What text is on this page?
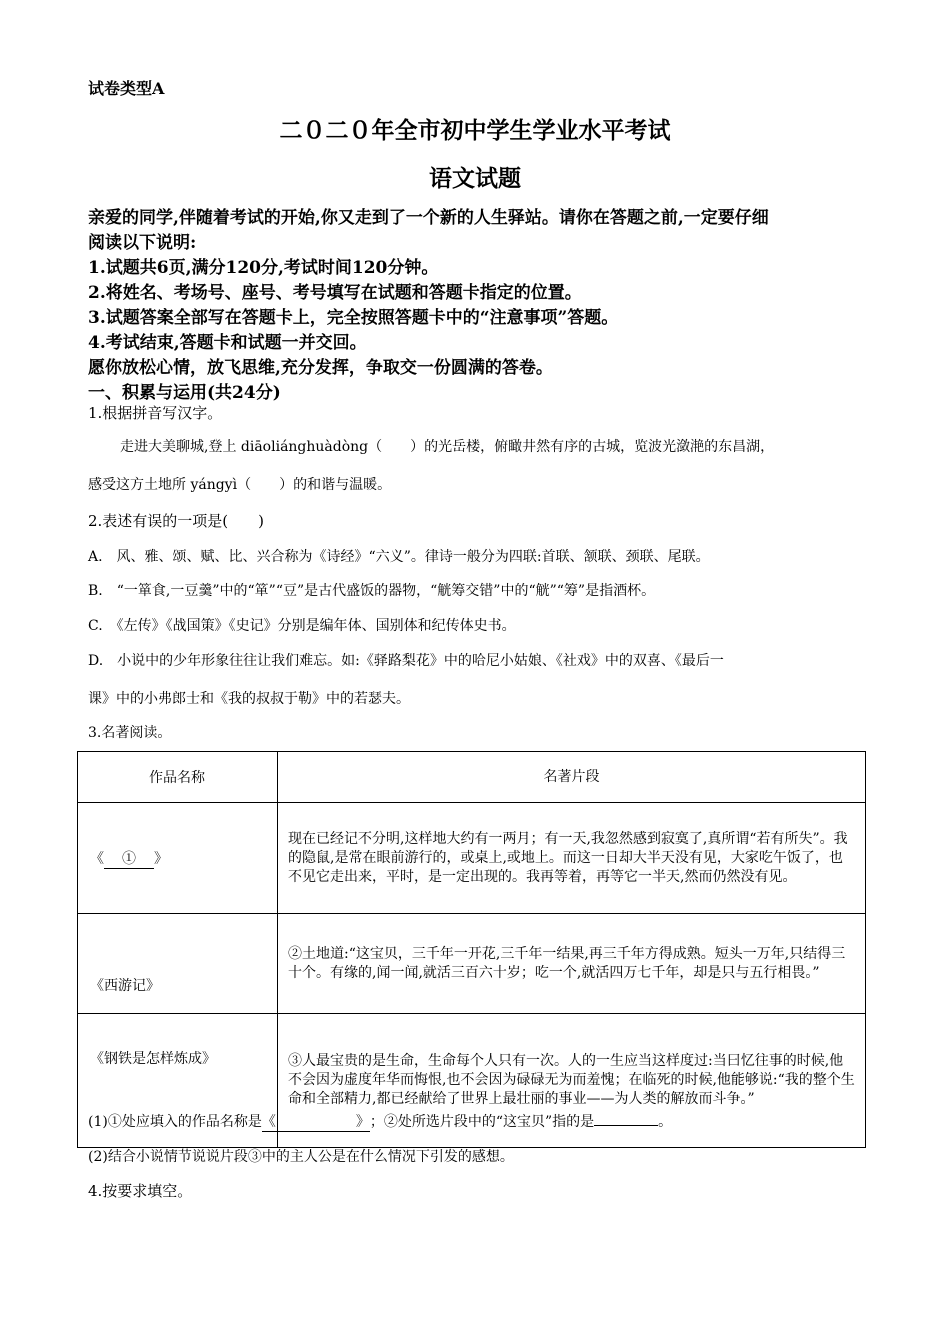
试卷类型A
二０二０年全市初中学生学业水平考试
语文试题
亲爱的同学,伴随着考试的开始,你又走到了一个新的人生驿站。请你在答题之前,一定要仔细
阅读以下说明:
1.试题共6页,满分120分,考试时间120分钟。
2.将姓名、考场号、座号、考号填写在试题和答题卡指定的位置。
3.试题答案全部写在答题卡上，完全按照答题卡中的“注意事项”答题。
4.考试结束,答题卡和试题一并交回。
愿你放松心情，放飞思维,充分发挥，争取交一份圆满的答卷。
一、积累与运用(共24分)
1.根据拼音写汉字。
走进大美聊城,登上 diāoliánghuàdòng（　　）的光岳楼，俯瞰井然有序的古城，览波光潋滟的东昌湖，
感受这方土地所 yángyì（　　）的和谐与温暖。
2.表述有误的一项是(　　)
A.　风、雅、颂、赋、比、兴合称为《诗经》“六义”。律诗一般分为四联:首联、颔联、颈联、尾联。
B.　“一箪食,一豆羹”中的“箪”“豆”是古代盛饭的器物，“觥筹交错”中的“觥”“筹”是指酒杯。
C.　《左传》《战国策》《史记》分别是编年体、国别体和纪传体史书。
D.　小说中的少年形象往往让我们难忘。如:《驿路梨花》中的哈尼小姑娘、《社戏》中的双喜、《最后一
课》中的小弗郎士和《我的叔叔于勒》中的若瑟夫。
3.名著阅读。
作品名称	名著片段
《　①　》	现在已经记不分明,这样地大约有一两月；有一天,我忽然感到寂寞了,真所谓“若有所失”。我的隐鼠,是常在眼前游行的，或桌上,或地上。而这一日却大半天没有见，大家吃午饭了，也不见它走出来，平时，是一定出现的。我再等着，再等它一半天,然而仍然没有见。
《西游记》	②土地道:“这宝贝，三千年一开花,三千年一结果,再三千年方得成熟。短头一万年,只结得三十个。有缘的,闻一闻,就活三百六十岁；吃一个,就活四万七千年，却是只与五行相畏。”
《钢铁是怎样炼成》	③人最宝贵的是生命，生命每个人只有一次。人的一生应当这样度过:当曰忆往事的时候,他不会因为虚度年华而悔恨,也不会因为碌碌无为而羞愧；在临死的时候,他能够说:“我的整个生命和全部精力,都已经献给了世界上最壮丽的事业——为人类的解放而斗争。”
(1)①处应填入的作品名称是《	》；②处所选片段中的“这宝贝”指的是	。
(2)结合小说情节说说片段③中的主人公是在什么情况下引发的感想。
4.按要求填空。
